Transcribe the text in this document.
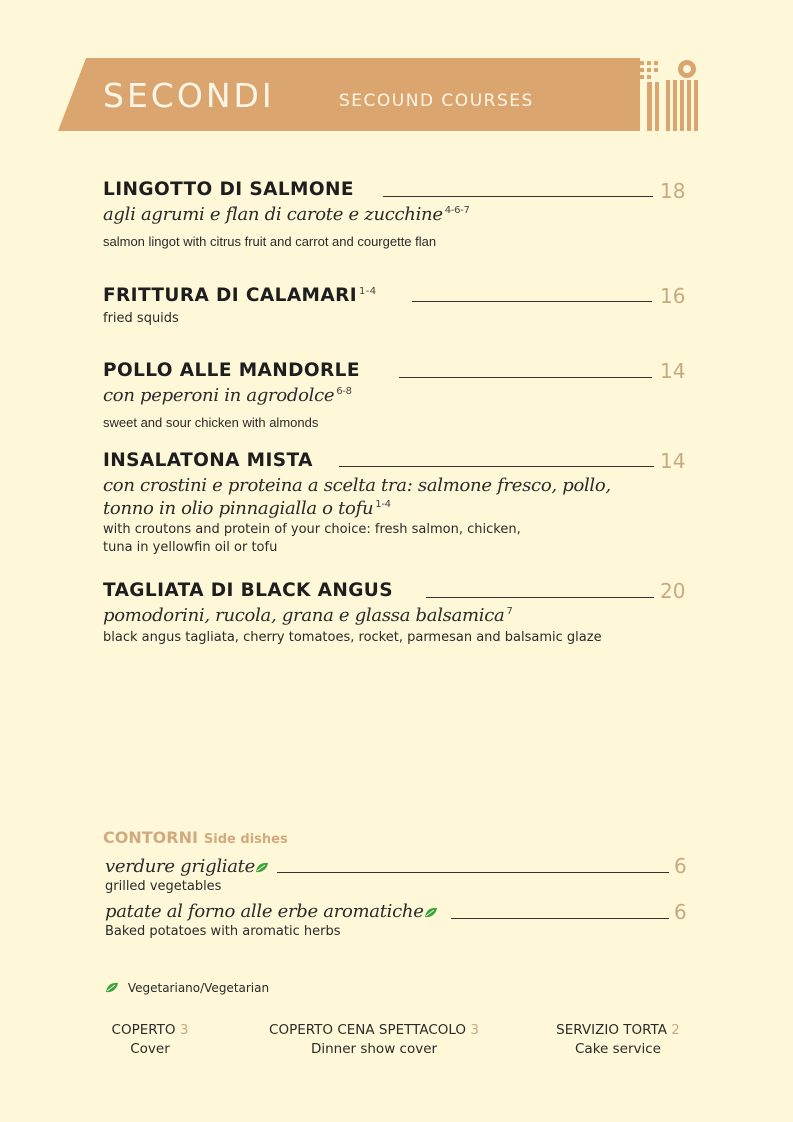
SECONDI	SECOUND COURSES
LINGOTTO DI SALMONE	18
agli agrumi e flan di carote e zucchine $^{4-6-7}$
salmon lingot with citrus fruit and carrot and courgette flan
FRITTURA DI CALAMARI $^{1-4}$	16
fried squids
POLLO ALLE MANDORLE	14
con peperoni in agrodolce $^{6-8}$
sweet and sour chicken with almonds
INSALATONA MISTA	14
con crostini e proteina a scelta tra: salmone fresco, pollo,
tonno in olio pinnagialla o tofu $^{1-4}$
with croutons and protein of your choice: fresh salmon, chicken,
tuna in yellowfin oil or tofu
TAGLIATA DI BLACK ANGUS	20
pomodorini, rucola, grana e glassa balsamica $^7$
black angus tagliata, cherry tomatoes, rocket, parmesan and balsamic glaze
CONTORNI Side dishes
verdure grigliate	6
grilled vegetables
patate al forno alle erbe aromatiche	6
Baked potatoes with aromatic herbs
Vegetariano/Vegetarian
COPERTO 3
Cover
COPERTO CENA SPETTACOLO 3
Dinner show cover
SERVIZIO TORTA 2
Cake service
